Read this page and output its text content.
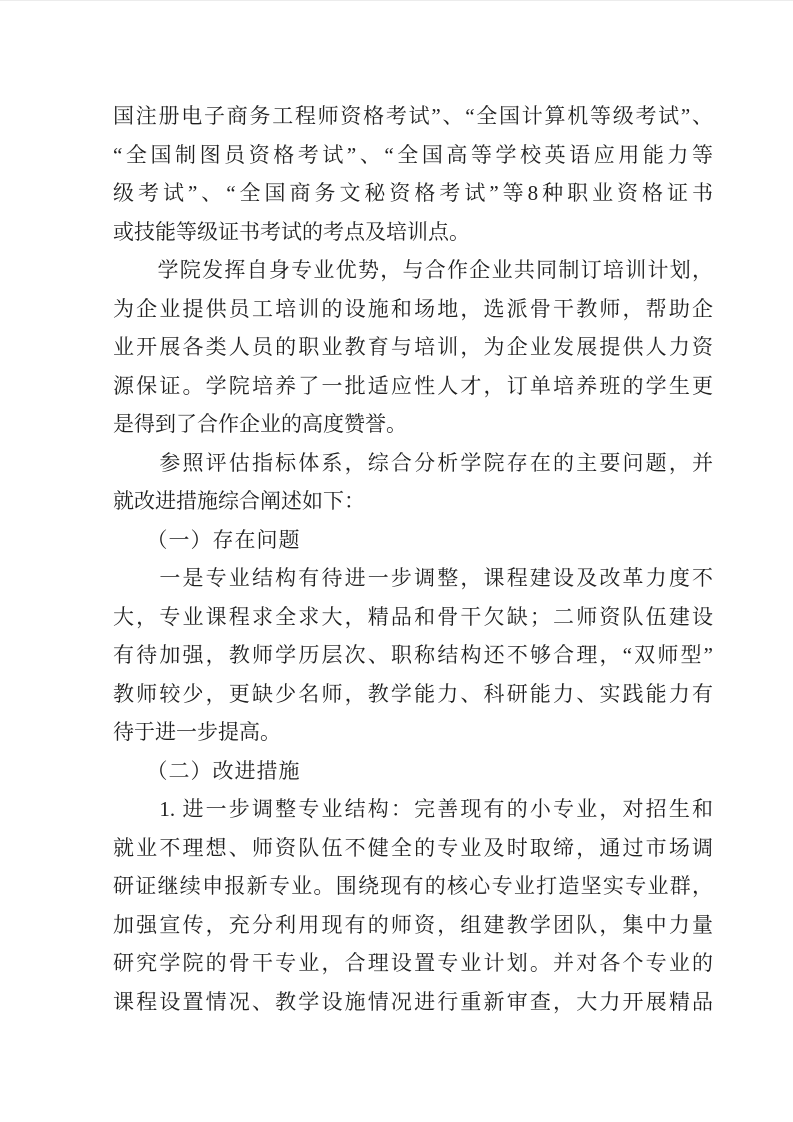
国注册电子商务工程师资格考试”、“全国计算机等级考试”、
“全国制图员资格考试”、“全国高等学校英语应用能力等
级考试”、“全国商务文秘资格考试”等8种职业资格证书
或技能等级证书考试的考点及培训点。
　　学院发挥自身专业优势，与合作企业共同制订培训计划，
为企业提供员工培训的设施和场地，选派骨干教师，帮助企
业开展各类人员的职业教育与培训，为企业发展提供人力资
源保证。学院培养了一批适应性人才，订单培养班的学生更
是得到了合作企业的高度赞誉。
　　参照评估指标体系，综合分析学院存在的主要问题，并
就改进措施综合阐述如下：
　　（一）存在问题
　　一是专业结构有待进一步调整，课程建设及改革力度不
大，专业课程求全求大，精品和骨干欠缺；二师资队伍建设
有待加强，教师学历层次、职称结构还不够合理，“双师型”
教师较少，更缺少名师，教学能力、科研能力、实践能力有
待于进一步提高。
　　（二）改进措施
　　1. 进一步调整专业结构：完善现有的小专业，对招生和
就业不理想、师资队伍不健全的专业及时取缔，通过市场调
研证继续申报新专业。围绕现有的核心专业打造坚实专业群，
加强宣传，充分利用现有的师资，组建教学团队，集中力量
研究学院的骨干专业，合理设置专业计划。并对各个专业的
课程设置情况、教学设施情况进行重新审查，大力开展精品
